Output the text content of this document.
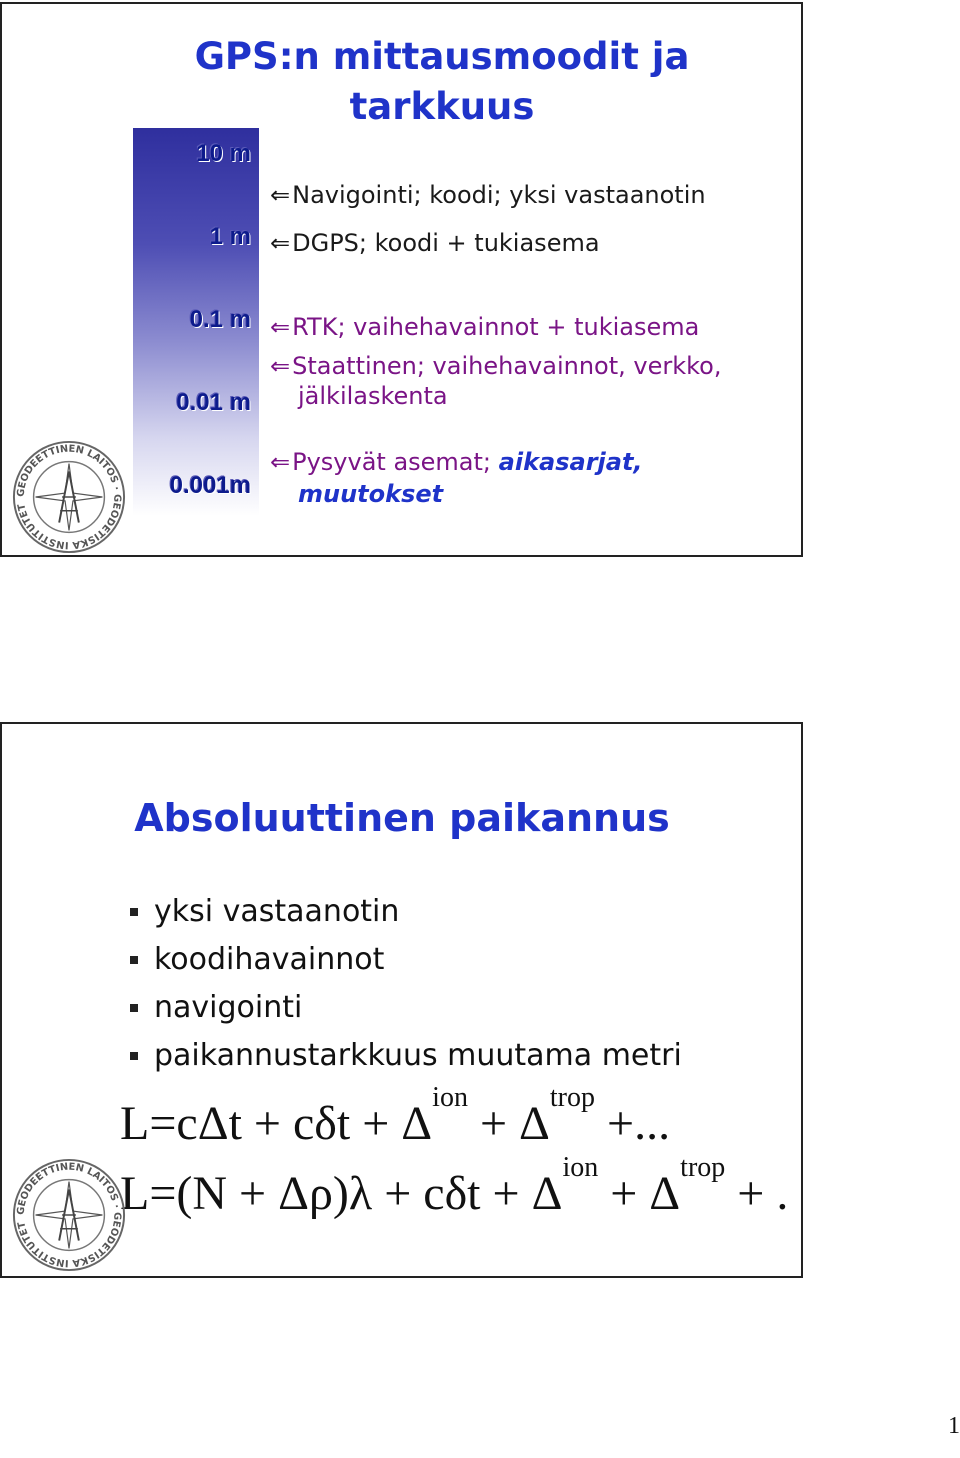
GPS:n mittausmoodit ja
tarkkuus
10 m
1 m
0.1 m
0.01 m
0.001m
⇐Navigointi; koodi; yksi vastaanotin
⇐DGPS; koodi + tukiasema
⇐RTK; vaihehavainnot + tukiasema
⇐Staattinen; vaihehavainnot, verkko,
jälkilaskenta
⇐Pysyvät asemat; aikasarjat,
muutokset
GEODEETTINEN LAITOS · GEODETISKA INSTITUTET
Absoluuttinen paikannus
yksi vastaanotin
koodihavainnot
navigointi
paikannustarkkuus muutama metri
$L=c\Delta t + c\delta t + \Delta^{ion} + \Delta^{trop}$ +...
$L=(N + \Delta\rho)\lambda + c\delta t + \Delta^{ion} + \Delta^{trop}$ + .
GEODEETTINEN LAITOS · GEODETISKA INSTITUTET
1
